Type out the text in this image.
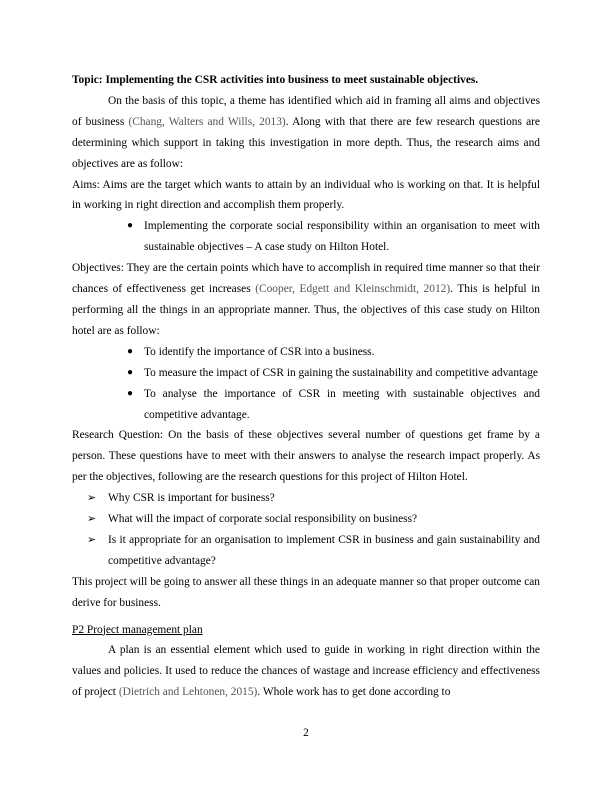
Topic: Implementing the CSR activities into business to meet sustainable objectives.

On the basis of this topic, a theme has identified which aid in framing all aims and objectives of business (Chang, Walters and Wills, 2013). Along with that there are few research questions are determining which support in taking this investigation in more depth. Thus, the research aims and objectives are as follow:

Aims: Aims are the target which wants to attain by an individual who is working on that. It is helpful in working in right direction and accomplish them properly.

● Implementing the corporate social responsibility within an organisation to meet with sustainable objectives – A case study on Hilton Hotel.

Objectives: They are the certain points which have to accomplish in required time manner so that their chances of effectiveness get increases (Cooper, Edgett and Kleinschmidt, 2012). This is helpful in performing all the things in an appropriate manner. Thus, the objectives of this case study on Hilton hotel are as follow:

● To identify the importance of CSR into a business.
● To measure the impact of CSR in gaining the sustainability and competitive advantage
● To analyse the importance of CSR in meeting with sustainable objectives and competitive advantage.

Research Question: On the basis of these objectives several number of questions get frame by a person. These questions have to meet with their answers to analyse the research impact properly. As per the objectives, following are the research questions for this project of Hilton Hotel.

➢ Why CSR is important for business?
➢ What will the impact of corporate social responsibility on business?
➢ Is it appropriate for an organisation to implement CSR in business and gain sustainability and competitive advantage?

This project will be going to answer all these things in an adequate manner so that proper outcome can derive for business.

P2 Project management plan

A plan is an essential element which used to guide in working in right direction within the values and policies. It used to reduce the chances of wastage and increase efficiency and effectiveness of project (Dietrich and Lehtonen, 2015). Whole work has to get done according to

2
